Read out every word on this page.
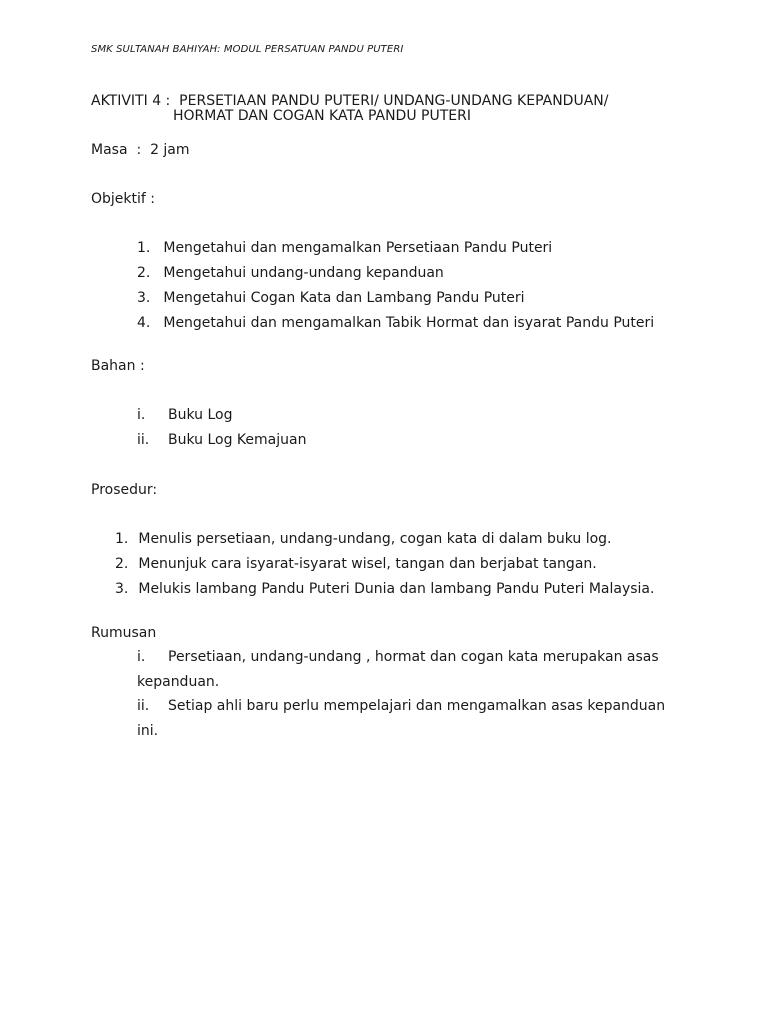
SMK SULTANAH BAHIYAH: MODUL PERSATUAN PANDU PUTERI
AKTIVITI 4 : PERSETIAAN PANDU PUTERI/ UNDANG-UNDANG KEPANDUAN/
HORMAT DAN COGAN KATA PANDU PUTERI
Masa : 2 jam
Objektif :
1. Mengetahui dan mengamalkan Persetiaan Pandu Puteri
2. Mengetahui undang-undang kepanduan
3. Mengetahui Cogan Kata dan Lambang Pandu Puteri
4. Mengetahui dan mengamalkan Tabik Hormat dan isyarat Pandu Puteri
Bahan :
i. Buku Log
ii. Buku Log Kemajuan
Prosedur:
1. Menulis persetiaan, undang-undang, cogan kata di dalam buku log.
2. Menunjuk cara isyarat-isyarat wisel, tangan dan berjabat tangan.
3. Melukis lambang Pandu Puteri Dunia dan lambang Pandu Puteri Malaysia.
Rumusan
i. Persetiaan, undang-undang , hormat dan cogan kata merupakan asas
kepanduan.
ii. Setiap ahli baru perlu mempelajari dan mengamalkan asas kepanduan
ini.
